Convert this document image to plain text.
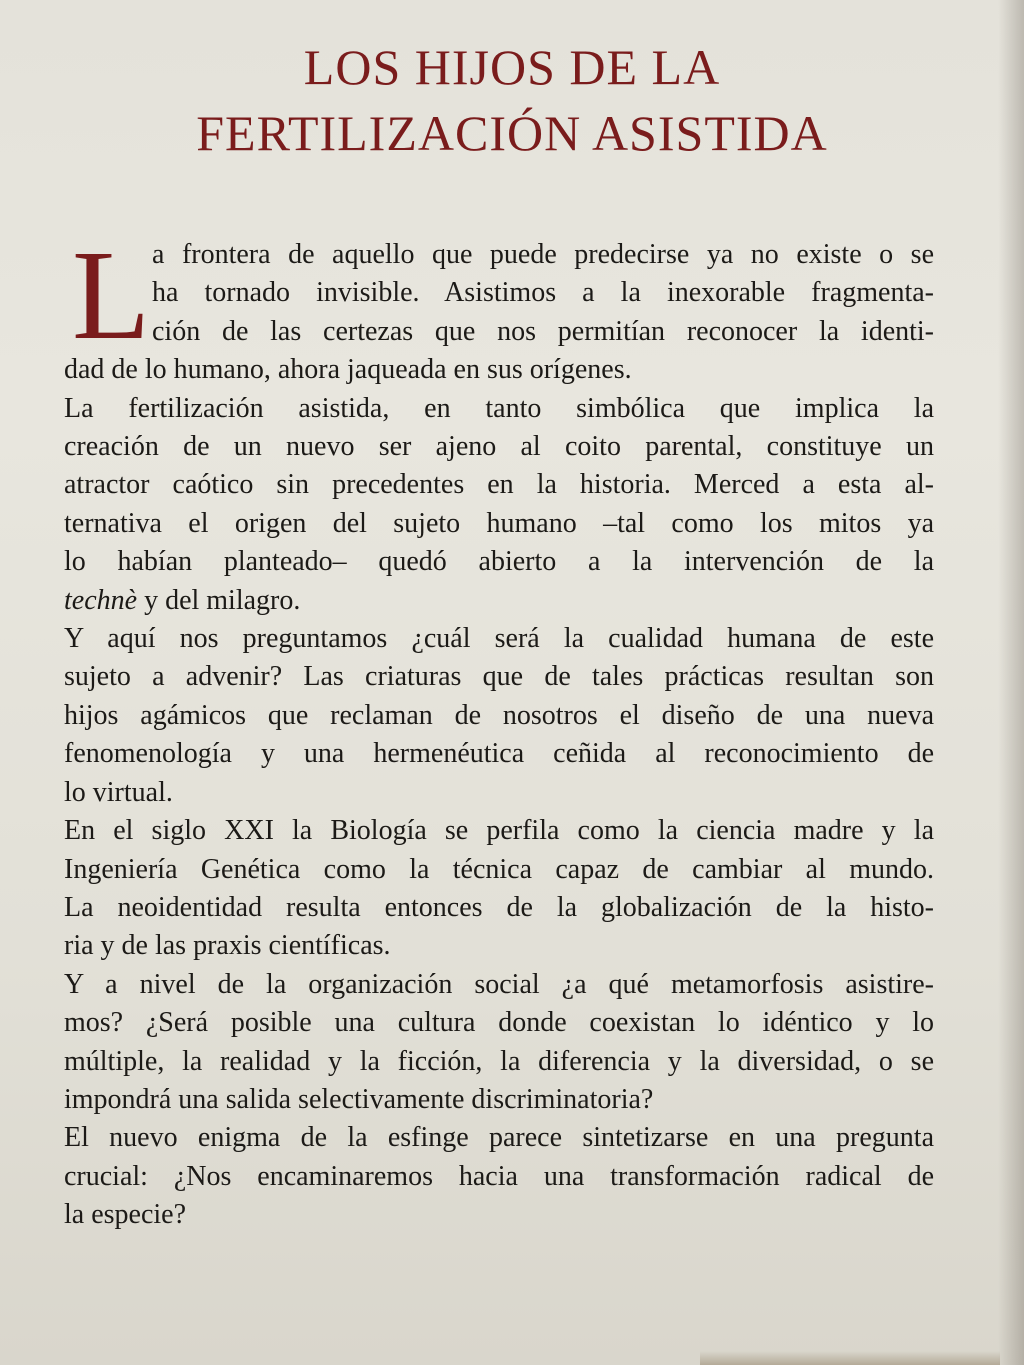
LOS HIJOS DE LA
FERTILIZACIÓN ASISTIDA
L a frontera de aquello que puede predecirse ya no existe o se
ha tornado invisible. Asistimos a la inexorable fragmenta-
ción de las certezas que nos permitían reconocer la identi-
dad de lo humano, ahora jaqueada en sus orígenes.
La fertilización asistida, en tanto simbólica que implica la
creación de un nuevo ser ajeno al coito parental, constituye un
atractor caótico sin precedentes en la historia. Merced a esta al-
ternativa el origen del sujeto humano –tal como los mitos ya
lo habían planteado– quedó abierto a la intervención de la
technè y del milagro.
Y aquí nos preguntamos ¿cuál será la cualidad humana de este
sujeto a advenir? Las criaturas que de tales prácticas resultan son
hijos agámicos que reclaman de nosotros el diseño de una nueva
fenomenología y una hermenéutica ceñida al reconocimiento de
lo virtual.
En el siglo XXI la Biología se perfila como la ciencia madre y la
Ingeniería Genética como la técnica capaz de cambiar al mundo.
La neoidentidad resulta entonces de la globalización de la histo-
ria y de las praxis científicas.
Y a nivel de la organización social ¿a qué metamorfosis asistire-
mos? ¿Será posible una cultura donde coexistan lo idéntico y lo
múltiple, la realidad y la ficción, la diferencia y la diversidad, o se
impondrá una salida selectivamente discriminatoria?
El nuevo enigma de la esfinge parece sintetizarse en una pregunta
crucial: ¿Nos encaminaremos hacia una transformación radical de
la especie?
